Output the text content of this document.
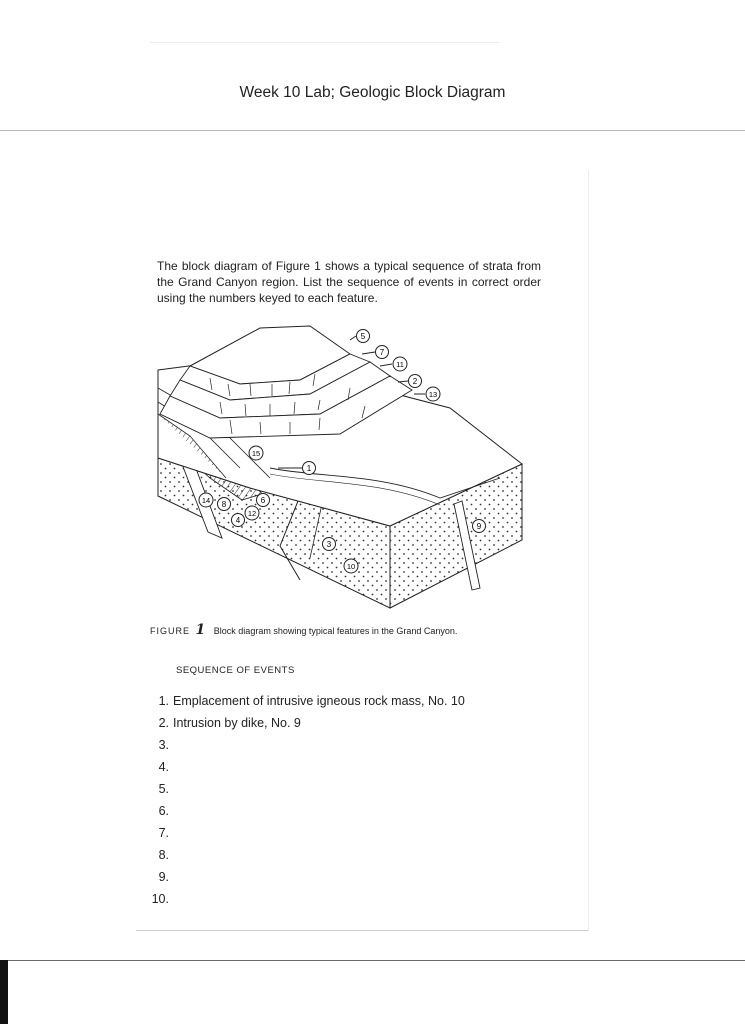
Week 10 Lab; Geologic Block Diagram
The block diagram of Figure 1 shows a typical sequence of strata from the Grand Canyon region. List the sequence of events in correct order using the numbers keyed to each feature.
5
7
11
2
13
15
1
14 8	6
12
4
3
10
9
FIGURE 1 Block diagram showing typical features in the Grand Canyon.
SEQUENCE OF EVENTS
1. Emplacement of intrusive igneous rock mass, No. 10
2. Intrusion by dike, No. 9
3.
4.
5.
6.
7.
8.
9.
10.
